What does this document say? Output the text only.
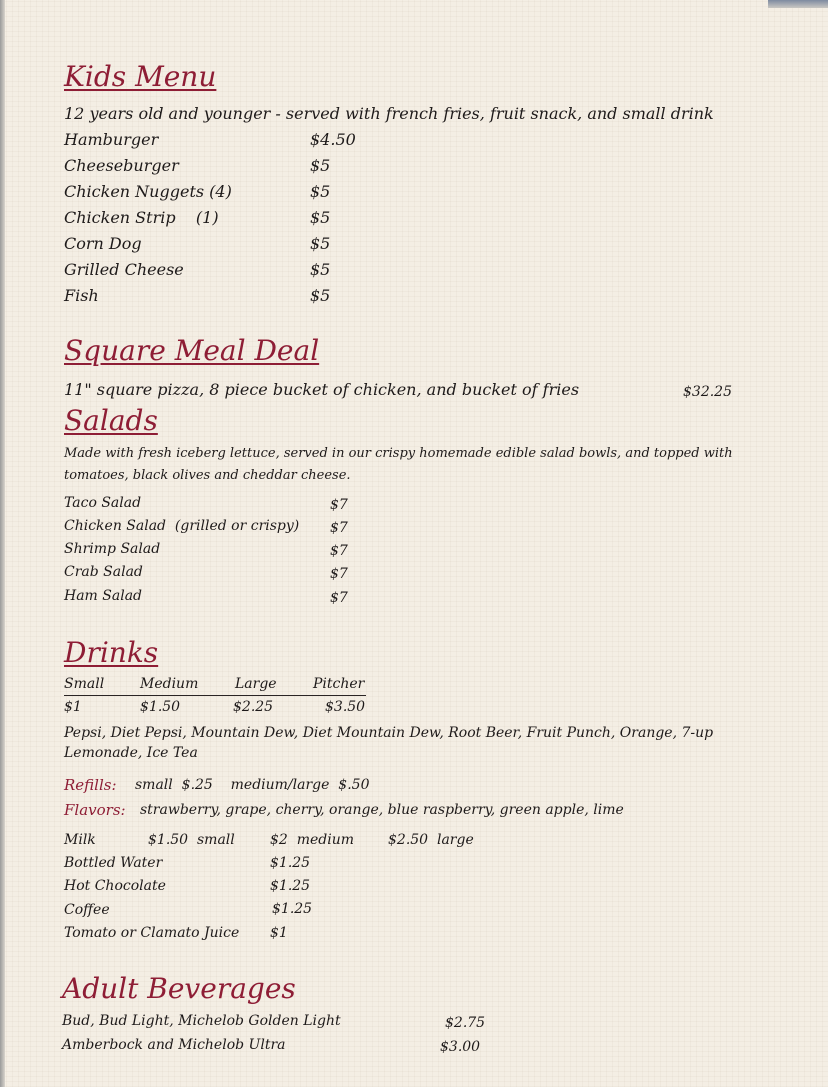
Kids Menu
12 years old and younger - served with french fries, fruit snack, and small drink
Hamburger	$4.50
Cheeseburger	$5
Chicken Nuggets (4)	$5
Chicken Strip    (1)	$5
Corn Dog	$5
Grilled Cheese	$5
Fish	$5
Square Meal Deal
11" square pizza, 8 piece bucket of chicken, and bucket of fries	$32.25
Salads
Made with fresh iceberg lettuce, served in our crispy homemade edible salad bowls, and topped with
tomatoes, black olives and cheddar cheese.
Taco Salad	$7
Chicken Salad  (grilled or crispy) $7
Shrimp Salad	$7
Crab Salad	$7
Ham Salad	$7
Drinks
Small	Medium	Large	Pitcher
$1	$1.50	$2.25	$3.50
Pepsi, Diet Pepsi, Mountain Dew, Diet Mountain Dew, Root Beer, Fruit Punch, Orange, 7-up
Lemonade, Ice Tea
Refills: small  $.25    medium/large  $.50
Flavors: strawberry, grape, cherry, orange, blue raspberry, green apple, lime
Milk	$1.50  small	$2  medium $2.50  large
Bottled Water	$1.25
Hot Chocolate	$1.25
Coffee	$1.25
Tomato or Clamato Juice $1
Adult Beverages
Bud, Bud Light, Michelob Golden Light	$2.75
Amberbock and Michelob Ultra	$3.00
